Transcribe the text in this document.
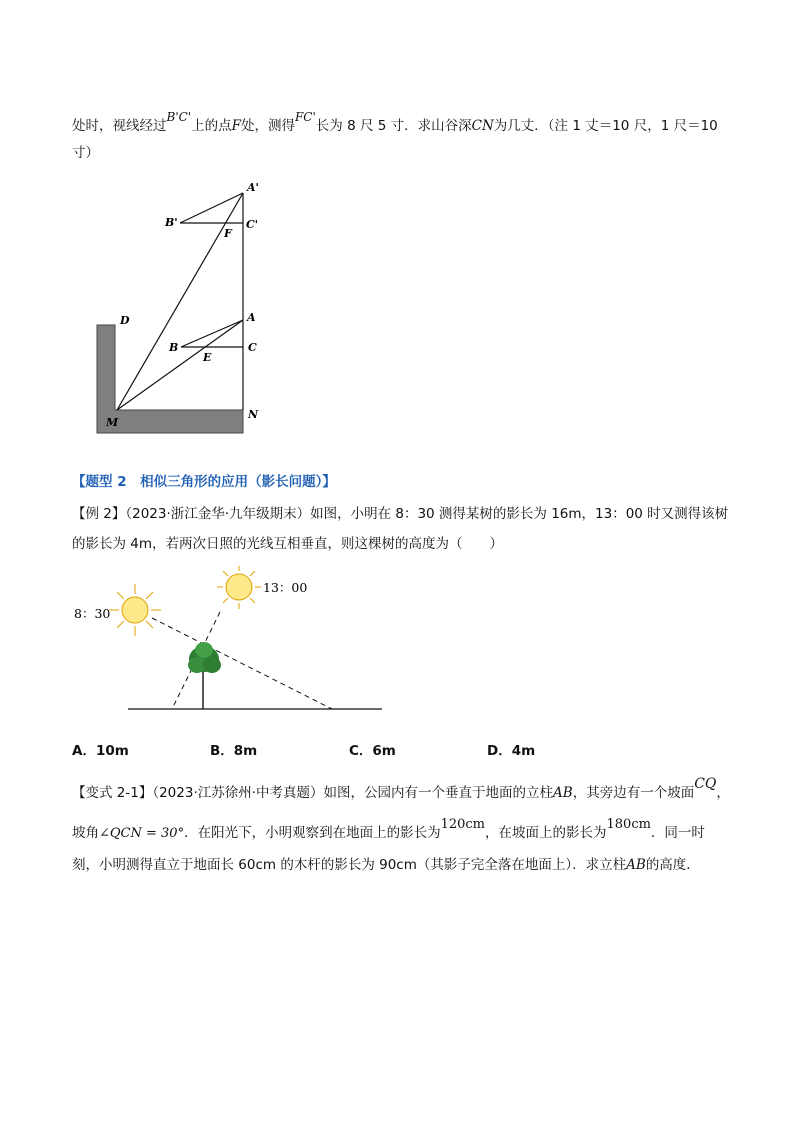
处时，视线经过B'C'上的点F处，测得FC'长为 8 尺 5 寸．求山谷深CN为几丈．（注 1 丈＝10 尺，1 尺＝10
寸）
A'
B'	C'
F
A
B	C
E
D
M
N
【题型 2　相似三角形的应用（影长问题）】
【例 2】（2023·浙江金华·九年级期末）如图，小明在 8：30 测得某树的影长为 16m，13：00 时又测得该树
的影长为 4m，若两次日照的光线互相垂直，则这棵树的高度为（　　）
8：30
13：00
A．10m	B．8m	C．6m	D．4m
【变式 2-1】（2023·江苏徐州·中考真题）如图，公园内有一个垂直于地面的立柱AB，其旁边有一个坡面CQ，
坡角∠QCN = 30°．在阳光下，小明观察到在地面上的影长为120cm，在坡面上的影长为180cm．同一时
刻，小明测得直立于地面长 60cm 的木杆的影长为 90cm（其影子完全落在地面上）．求立柱AB的高度．
